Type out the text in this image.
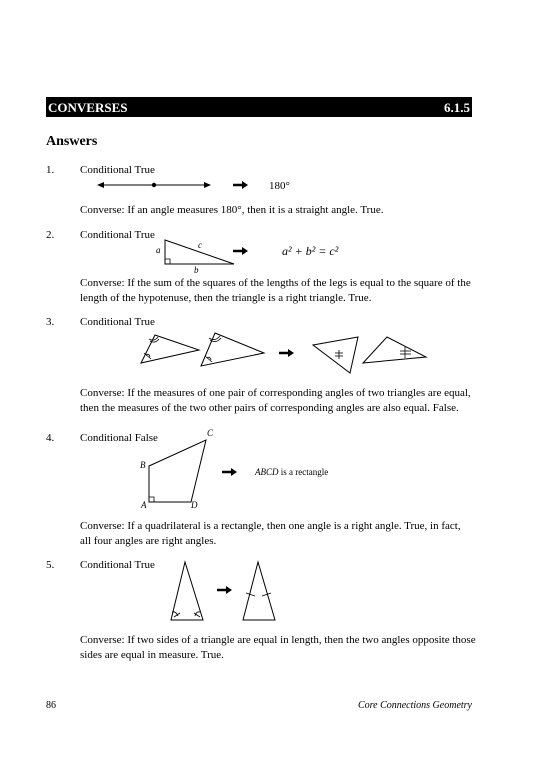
CONVERSES	6.1.5
Answers
1. Conditional True
180°
Converse: If an angle measures 180°, then it is a straight angle. True.
2. Conditional True
a	c
b
a² + b² = c²
Converse: If the sum of the squares of the lengths of the legs is equal to the square of the
length of the hypotenuse, then the triangle is a right triangle. True.
3. Conditional True
Converse: If the measures of one pair of corresponding angles of two triangles are equal,
then the measures of the two other pairs of corresponding angles are also equal. False.
4. Conditional False	C
B
A	D
ABCD is a rectangle
Converse: If a quadrilateral is a rectangle, then one angle is a right angle. True, in fact,
all four angles are right angles.
5. Conditional True
Converse: If two sides of a triangle are equal in length, then the two angles opposite those
sides are equal in measure. True.
86	Core Connections Geometry
